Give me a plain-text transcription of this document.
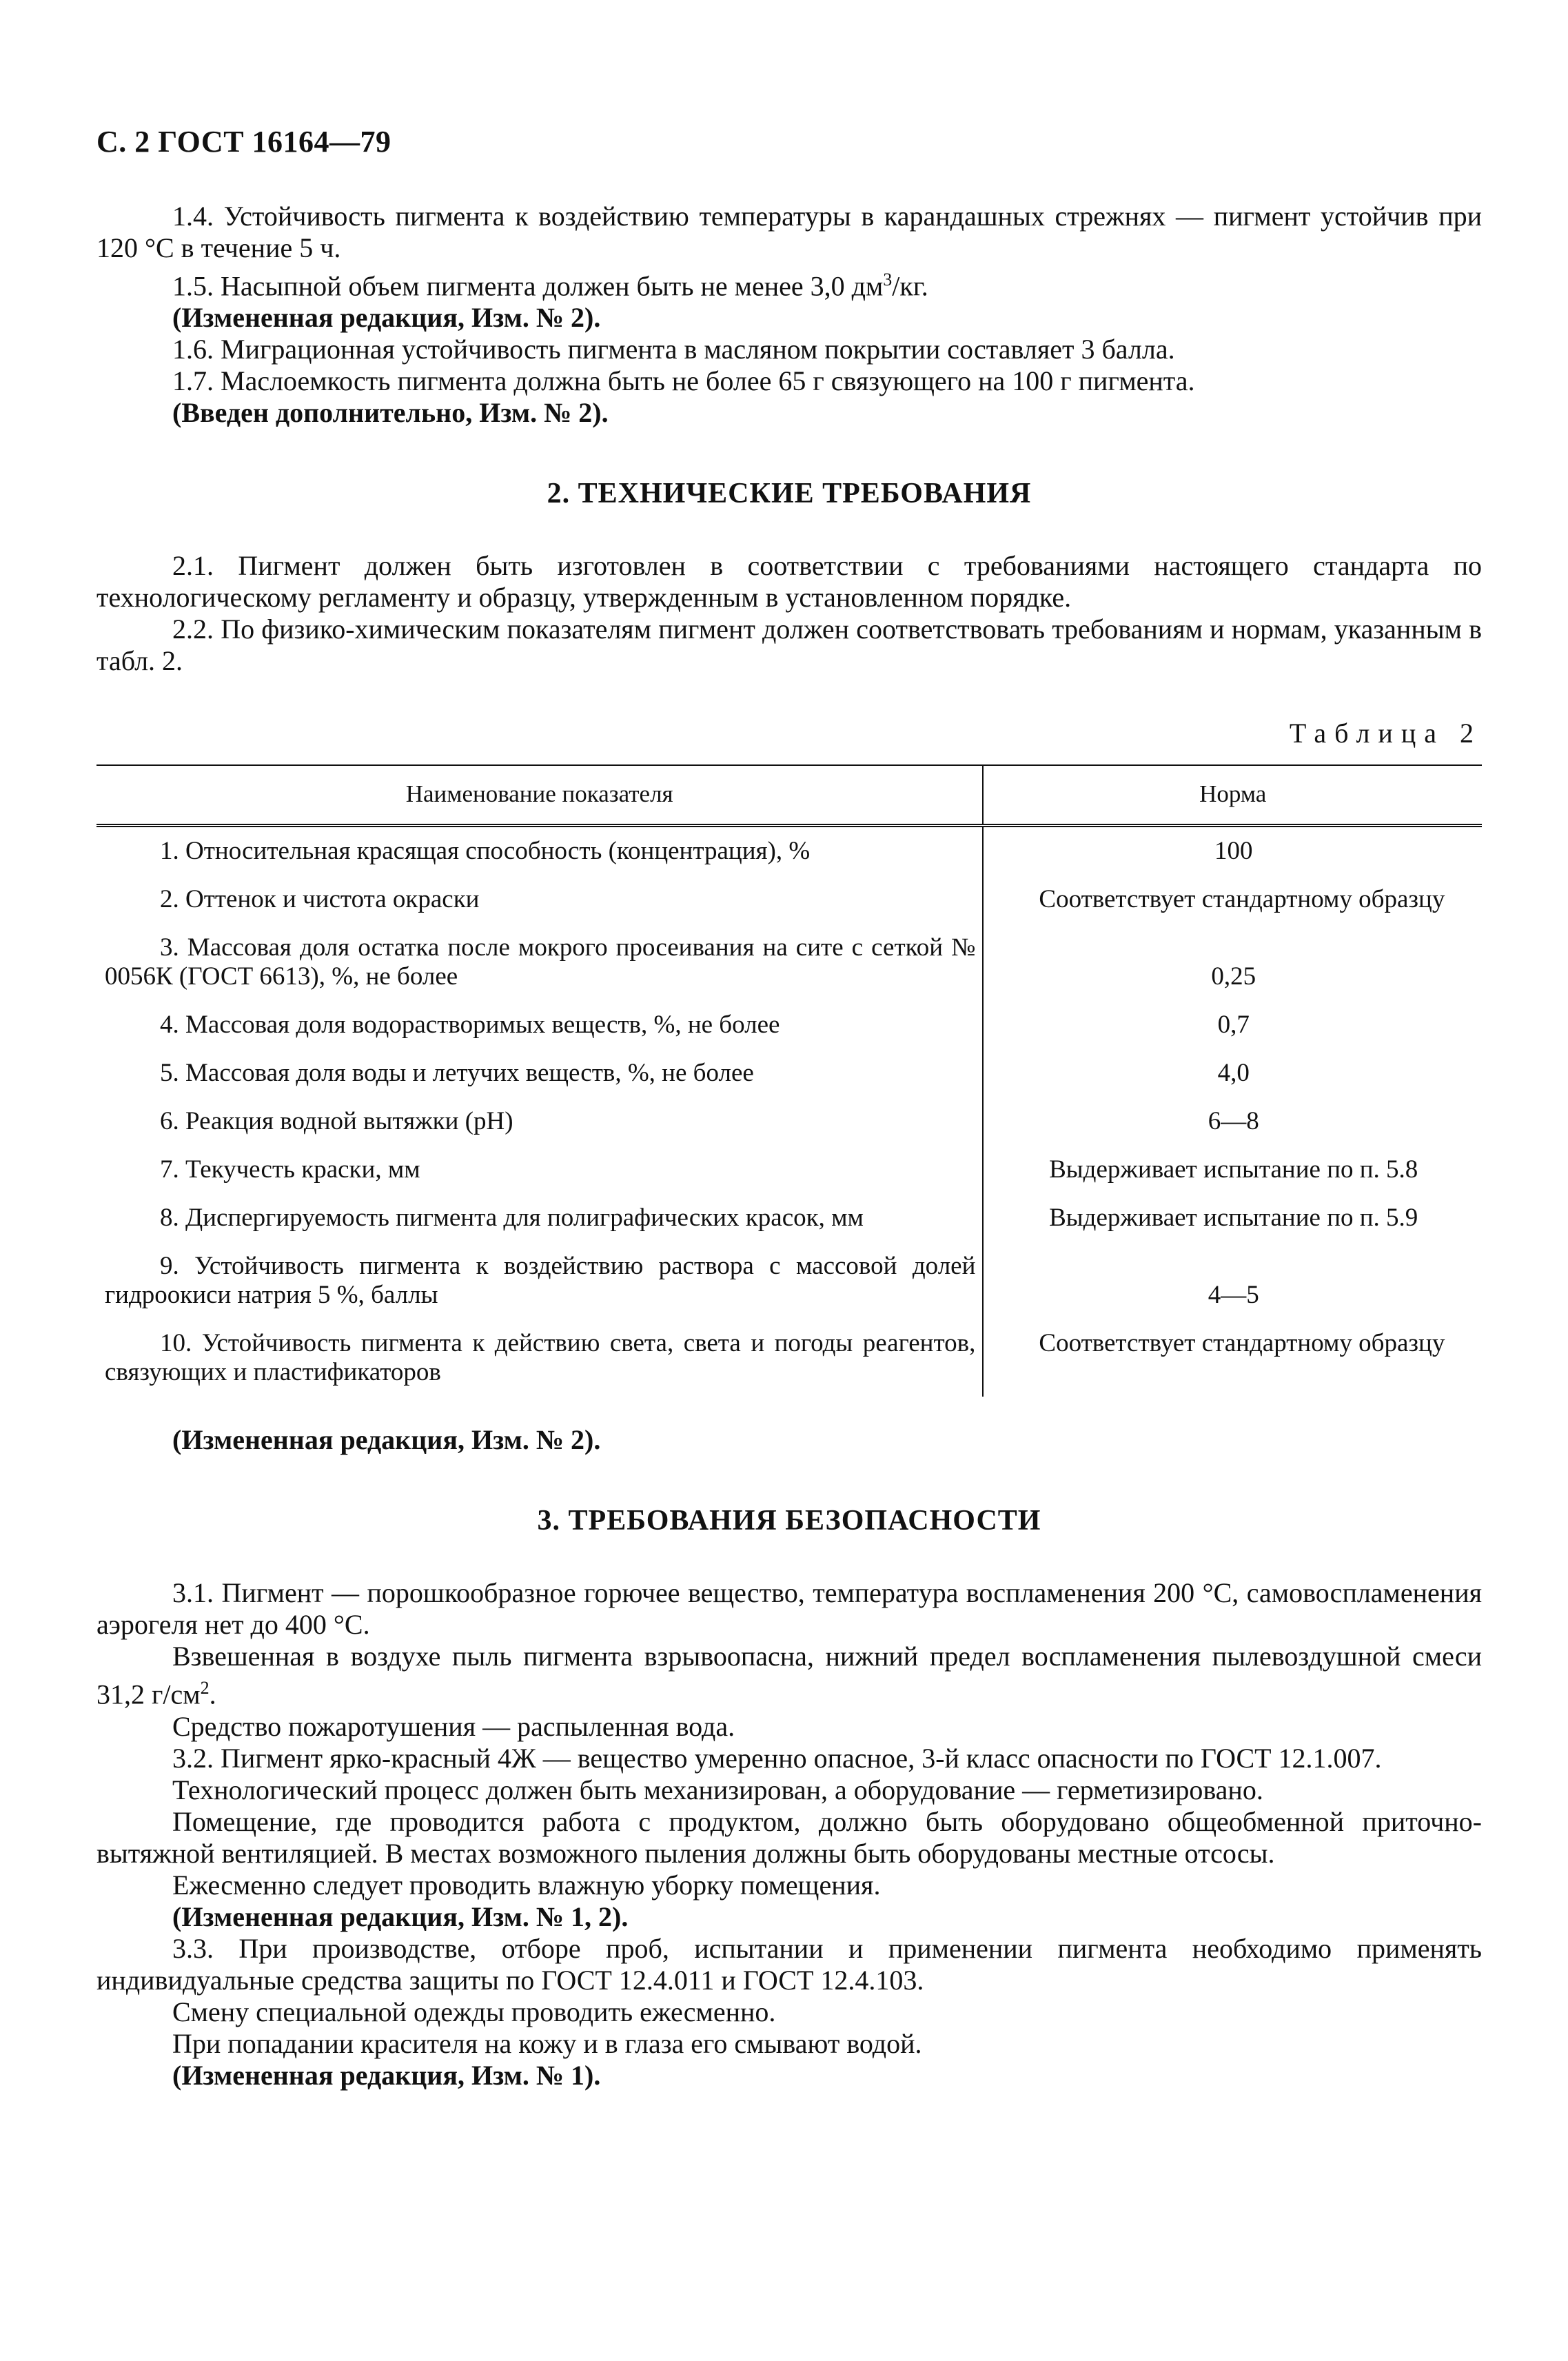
С. 2 ГОСТ 16164—79

1.4. Устойчивость пигмента к воздействию температуры в карандашных стрежнях — пигмент устойчив при 120 °С в течение 5 ч.

1.5. Насыпной объем пигмента должен быть не менее 3,0 $дм^3/кг$.

(Измененная редакция, Изм. № 2).

1.6. Миграционная устойчивость пигмента в масляном покрытии составляет 3 балла.

1.7. Маслоемкость пигмента должна быть не более 65 г связующего на 100 г пигмента.

(Введен дополнительно, Изм. № 2).

2. ТЕХНИЧЕСКИЕ ТРЕБОВАНИЯ

2.1. Пигмент должен быть изготовлен в соответствии с требованиями настоящего стандарта по технологическому регламенту и образцу, утвержденным в установленном порядке.

2.2. По физико-химическим показателям пигмент должен соответствовать требованиям и нормам, указанным в табл. 2.

Таблица 2
Наименование показателя	Норма

1. Относительная красящая способность (концентрация), %	100

2. Оттенок и чистота окраски	Соответствует стандартному образцу

3. Массовая доля остатка после мокрого просеивания на сите с сеткой № 0056К (ГОСТ 6613), %, не более	0,25

4. Массовая доля водорастворимых веществ, %, не более	0,7

5. Массовая доля воды и летучих веществ, %, не более	4,0

6. Реакция водной вытяжки (pH)	6—8

7. Текучесть краски, мм	Выдерживает испытание по п. 5.8

8. Диспергируемость пигмента для полиграфических красок, мм	Выдерживает испытание по п. 5.9

9. Устойчивость пигмента к воздействию раствора с массовой долей гидроокиси натрия 5 %, баллы	4—5

10. Устойчивость пигмента к действию света, света и погоды реагентов, связующих и пластификаторов	Соответствует стандартному образцу

(Измененная редакция, Изм. № 2).

3. ТРЕБОВАНИЯ БЕЗОПАСНОСТИ

3.1. Пигмент — порошкообразное горючее вещество, температура воспламенения 200 °С, самовоспламенения аэрогеля нет до 400 °С.

Взвешенная в воздухе пыль пигмента взрывоопасна, нижний предел воспламенения пылевоздушной смеси 31,2 $г/см^2$.

Средство пожаротушения — распыленная вода.

3.2. Пигмент ярко-красный 4Ж — вещество умеренно опасное, 3-й класс опасности по ГОСТ 12.1.007.

Технологический процесс должен быть механизирован, а оборудование — герметизировано.

Помещение, где проводится работа с продуктом, должно быть оборудовано общеобменной приточно-вытяжной вентиляцией. В местах возможного пыления должны быть оборудованы местные отсосы.

Ежесменно следует проводить влажную уборку помещения.

(Измененная редакция, Изм. № 1, 2).

3.3. При производстве, отборе проб, испытании и применении пигмента необходимо применять индивидуальные средства защиты по ГОСТ 12.4.011 и ГОСТ 12.4.103.

Смену специальной одежды проводить ежесменно.

При попадании красителя на кожу и в глаза его смывают водой.

(Измененная редакция, Изм. № 1).
